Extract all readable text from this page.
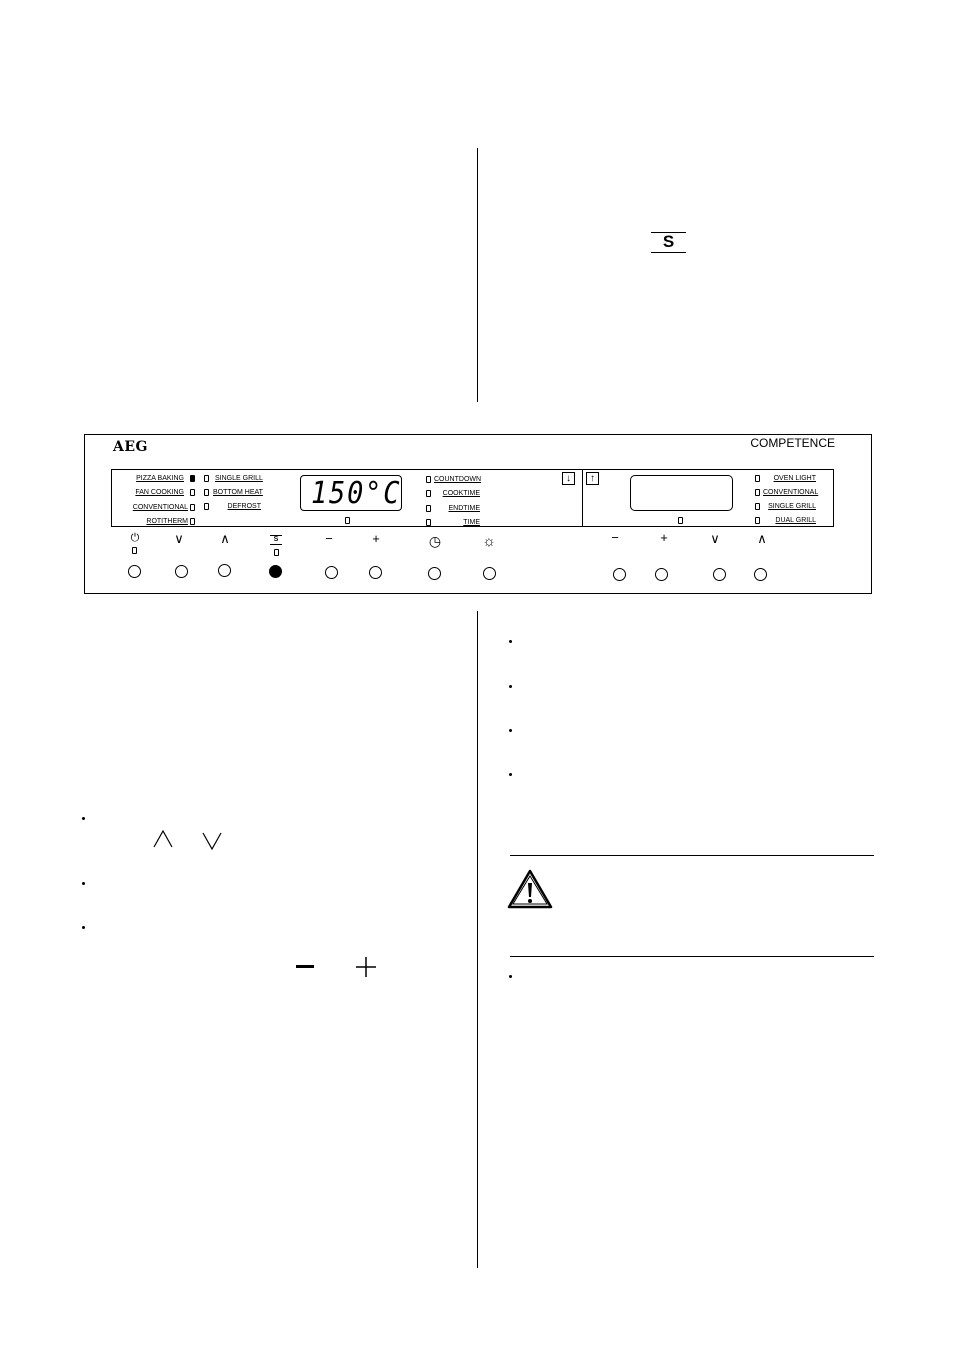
S
AEG	COMPETENCE
PIZZA BAKING
FAN COOKING
CONVENTIONAL
ROTITHERM
SINGLE GRILL
BOTTOM HEAT
DEFROST 150°C	COUNTDOWN
COOKTIME
ENDTIME
TIME
↓	↑	OVEN LIGHT
CONVENTIONAL
SINGLE GRILL
DUAL GRILL
⏻	∨	∧	S	−	+	◷	☼	−	+	∨	∧
